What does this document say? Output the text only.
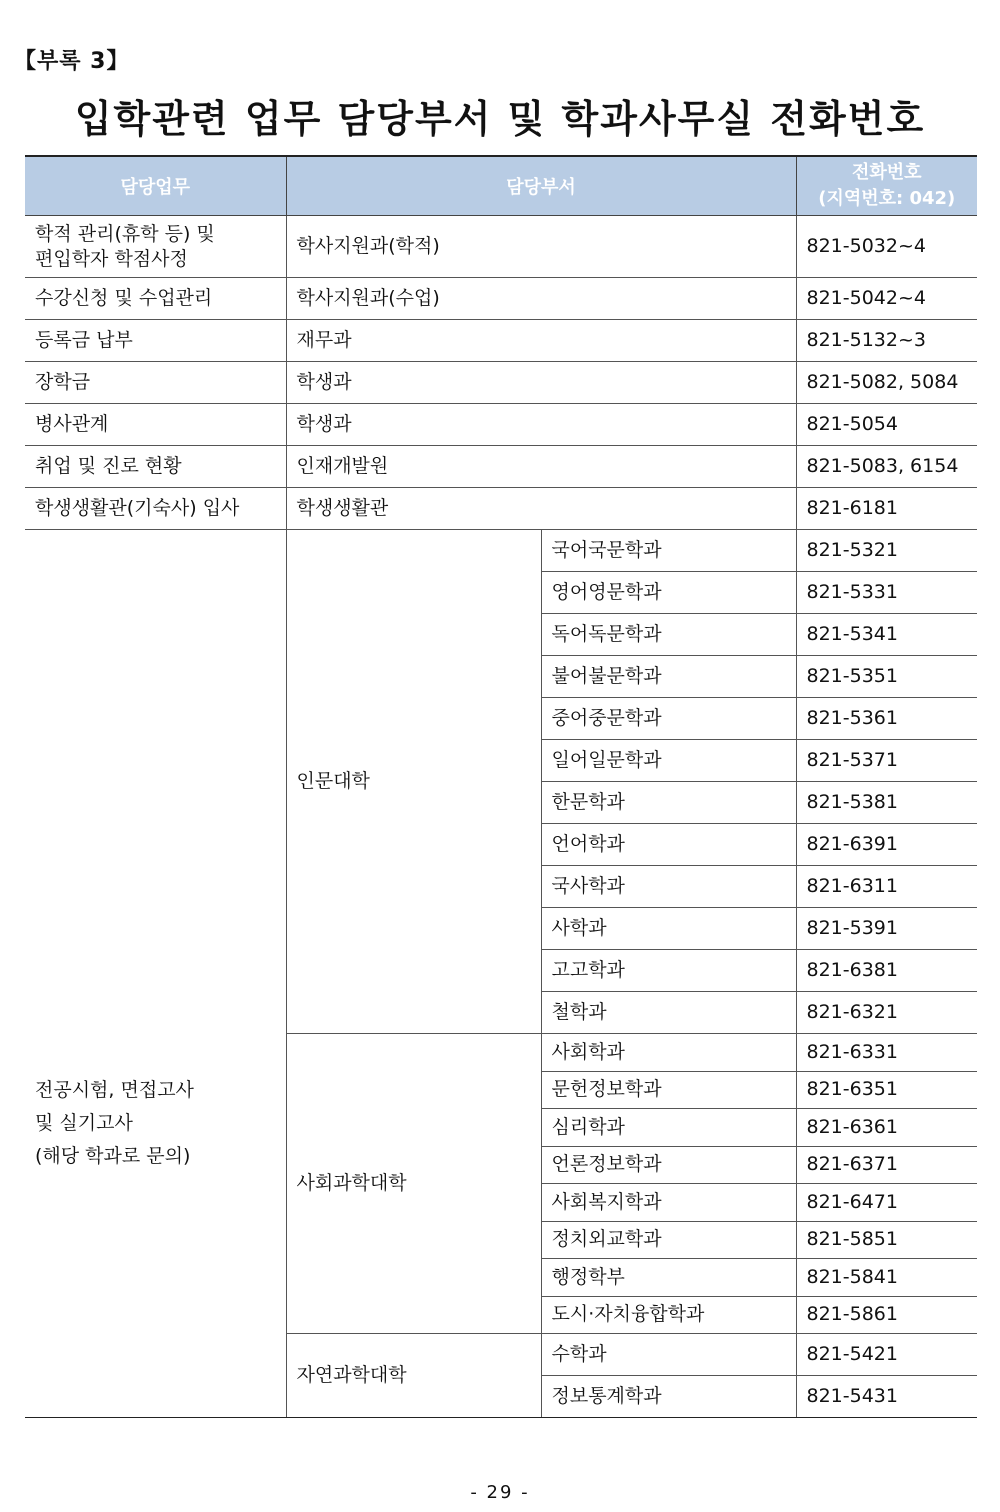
【부록 3】
입학관련 업무 담당부서 및 학과사무실 전화번호
담당업무	담당부서		전화번호
(지역번호: 042)
학적 관리(휴학 등) 및
편입학자 학점사정	학사지원과(학적)		821-5032~4
수강신청 및 수업관리	학사지원과(수업)		821-5042~4
등록금 납부	재무과		821-5132~3
장학금	학생과		821-5082, 5084
병사관계	학생과		821-5054
취업 및 진로 현황	인재개발원		821-5083, 6154
학생생활관(기숙사) 입사	학생생활관		821-6181
전공시험, 면접고사
및 실기고사
(해당 학과로 문의)	인문대학	국어국문학과	821-5321
		영어영문학과	821-5331
		독어독문학과	821-5341
		불어불문학과	821-5351
		중어중문학과	821-5361
		일어일문학과	821-5371
		한문학과	821-5381
		언어학과	821-6391
		국사학과	821-6311
		사학과	821-5391
		고고학과	821-6381
		철학과	821-6321
	사회과학대학	사회학과	821-6331
		문헌정보학과	821-6351
		심리학과	821-6361
		언론정보학과	821-6371
		사회복지학과	821-6471
		정치외교학과	821-5851
		행정학부	821-5841
		도시·자치융합학과	821-5861
	자연과학대학	수학과	821-5421
		정보통계학과	821-5431
- 29 -
